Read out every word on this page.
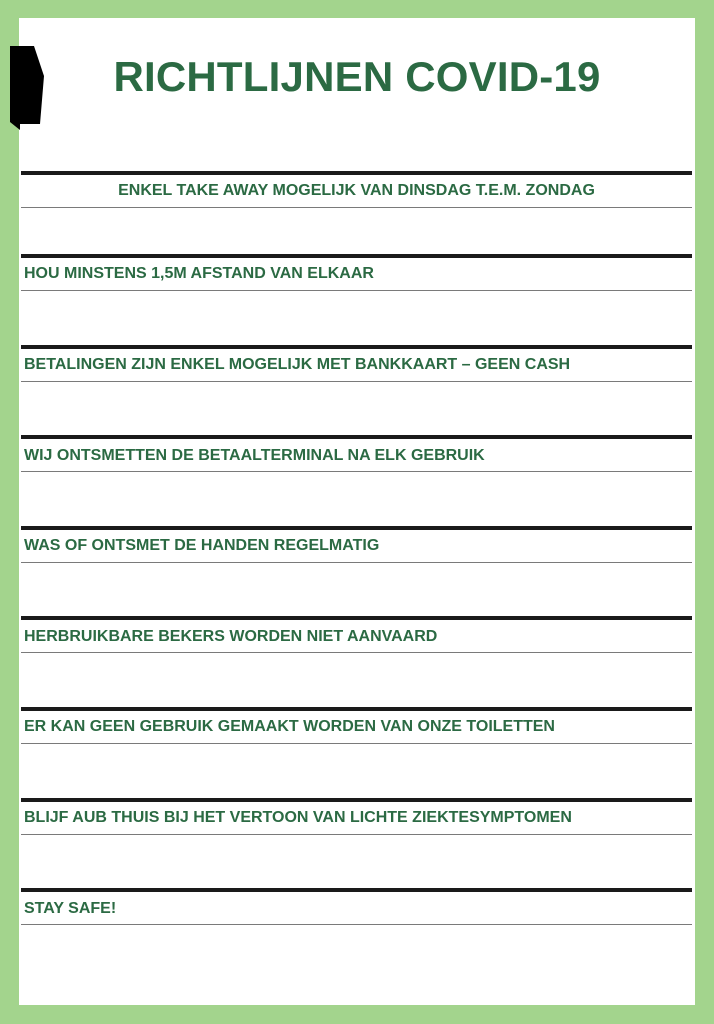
RICHTLIJNEN COVID-19
ENKEL TAKE AWAY MOGELIJK VAN DINSDAG T.E.M. ZONDAG
HOU MINSTENS 1,5M AFSTAND VAN ELKAAR
BETALINGEN ZIJN ENKEL MOGELIJK MET BANKKAART – GEEN CASH
WIJ ONTSMETTEN DE BETAALTERMINAL NA ELK GEBRUIK
WAS OF ONTSMET DE HANDEN REGELMATIG
HERBRUIKBARE BEKERS WORDEN NIET AANVAARD
ER KAN GEEN GEBRUIK GEMAAKT WORDEN VAN ONZE TOILETTEN
BLIJF AUB THUIS BIJ HET VERTOON VAN LICHTE ZIEKTESYMPTOMEN
STAY SAFE!
